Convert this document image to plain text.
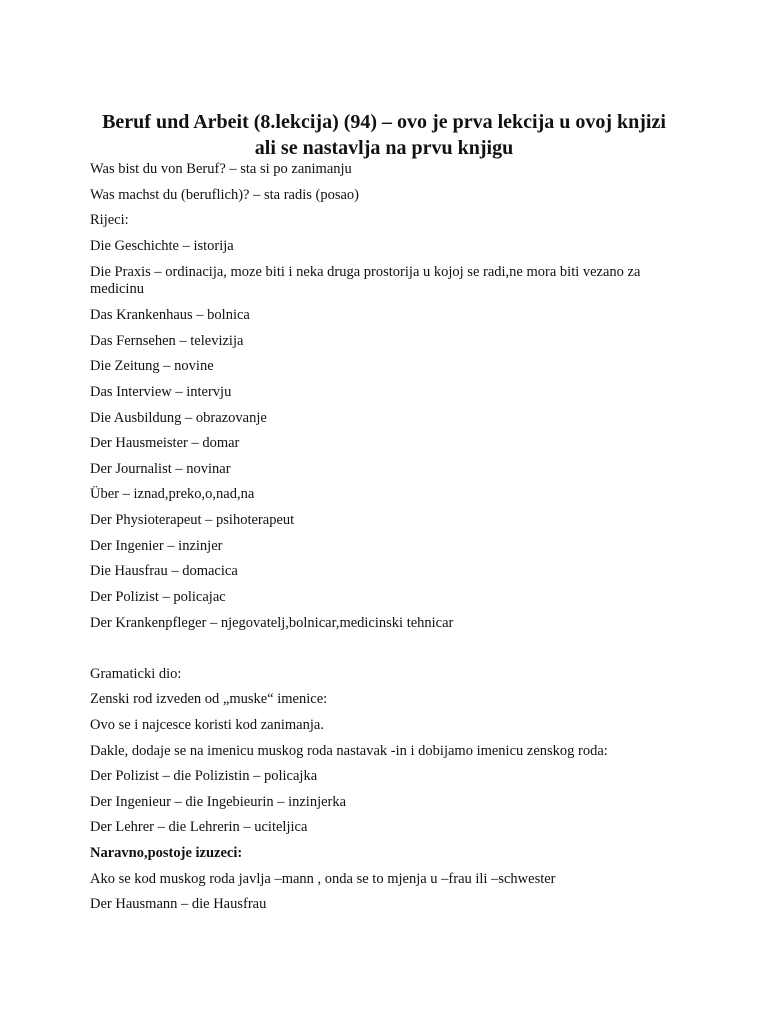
Beruf und Arbeit (8.lekcija) (94) – ovo je prva lekcija u ovoj knjizi
ali se nastavlja na prvu knjigu
Was bist du von Beruf? – sta si po zanimanju
Was machst du (beruflich)? – sta radis (posao)
Rijeci:
Die Geschichte – istorija
Die Praxis – ordinacija, moze biti i neka druga prostorija u kojoj se radi,ne mora biti vezano za medicinu
Das Krankenhaus – bolnica
Das Fernsehen – televizija
Die Zeitung – novine
Das Interview – intervju
Die Ausbildung – obrazovanje
Der Hausmeister – domar
Der Journalist – novinar
Über – iznad,preko,o,nad,na
Der Physioterapeut – psihoterapeut
Der Ingenier – inzinjer
Die Hausfrau – domacica
Der Polizist – policajac
Der Krankenpfleger – njegovatelj,bolnicar,medicinski tehnicar
Gramaticki dio:
Zenski rod izveden od „muske“ imenice:
Ovo se i najcesce koristi kod zanimanja.
Dakle, dodaje se na imenicu muskog roda nastavak -in i dobijamo imenicu zenskog roda:
Der Polizist – die Polizistin – policajka
Der Ingenieur – die Ingebieurin – inzinjerka
Der Lehrer – die Lehrerin – uciteljica
Naravno,postoje izuzeci:
Ako se kod muskog roda javlja –mann , onda se to mjenja u –frau ili –schwester
Der Hausmann – die Hausfrau
